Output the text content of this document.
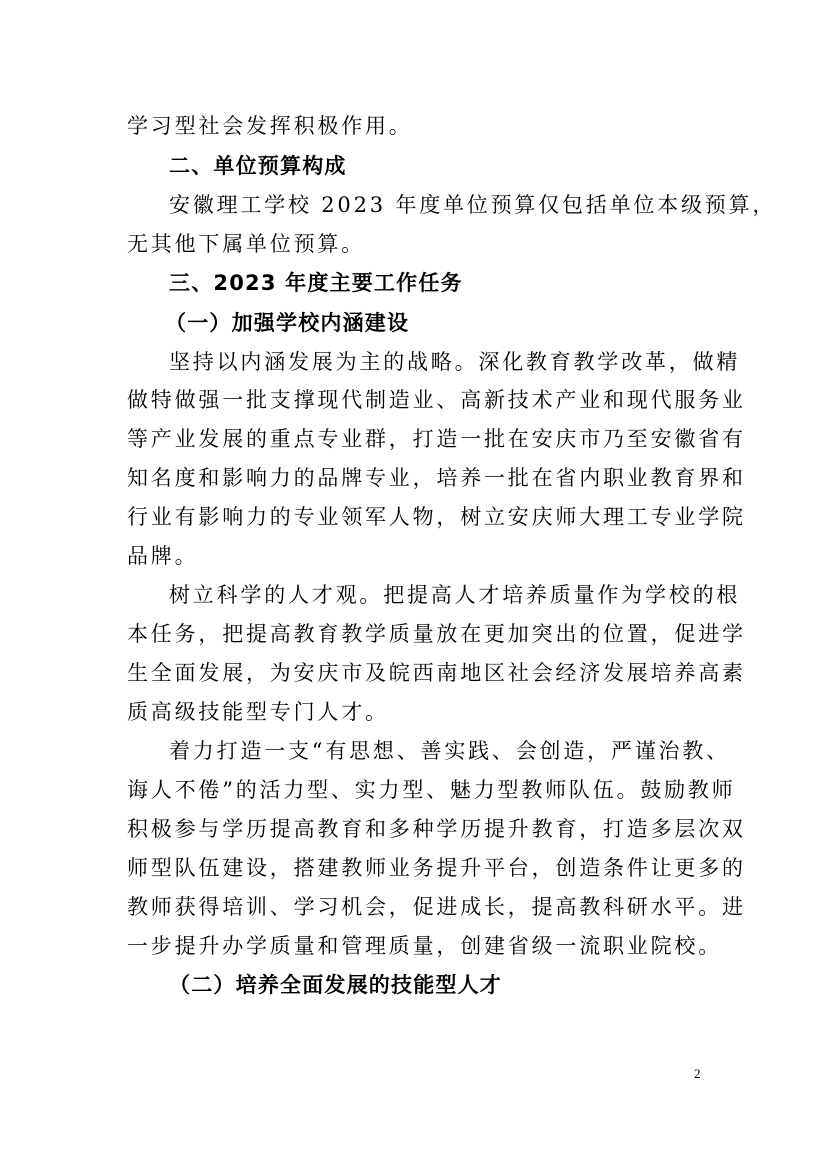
学习型社会发挥积极作用。
二、单位预算构成
安徽理工学校 2023 年度单位预算仅包括单位本级预算，
无其他下属单位预算。
三、2023 年度主要工作任务
（一）加强学校内涵建设
坚持以内涵发展为主的战略。深化教育教学改革，做精
做特做强一批支撑现代制造业、高新技术产业和现代服务业
等产业发展的重点专业群，打造一批在安庆市乃至安徽省有
知名度和影响力的品牌专业，培养一批在省内职业教育界和
行业有影响力的专业领军人物，树立安庆师大理工专业学院
品牌。
树立科学的人才观。把提高人才培养质量作为学校的根
本任务，把提高教育教学质量放在更加突出的位置，促进学
生全面发展，为安庆市及皖西南地区社会经济发展培养高素
质高级技能型专门人才。
着力打造一支“有思想、善实践、会创造，严谨治教、
诲人不倦”的活力型、实力型、魅力型教师队伍。鼓励教师
积极参与学历提高教育和多种学历提升教育，打造多层次双
师型队伍建设，搭建教师业务提升平台，创造条件让更多的
教师获得培训、学习机会，促进成长，提高教科研水平。进
一步提升办学质量和管理质量，创建省级一流职业院校。
（二）培养全面发展的技能型人才
2
